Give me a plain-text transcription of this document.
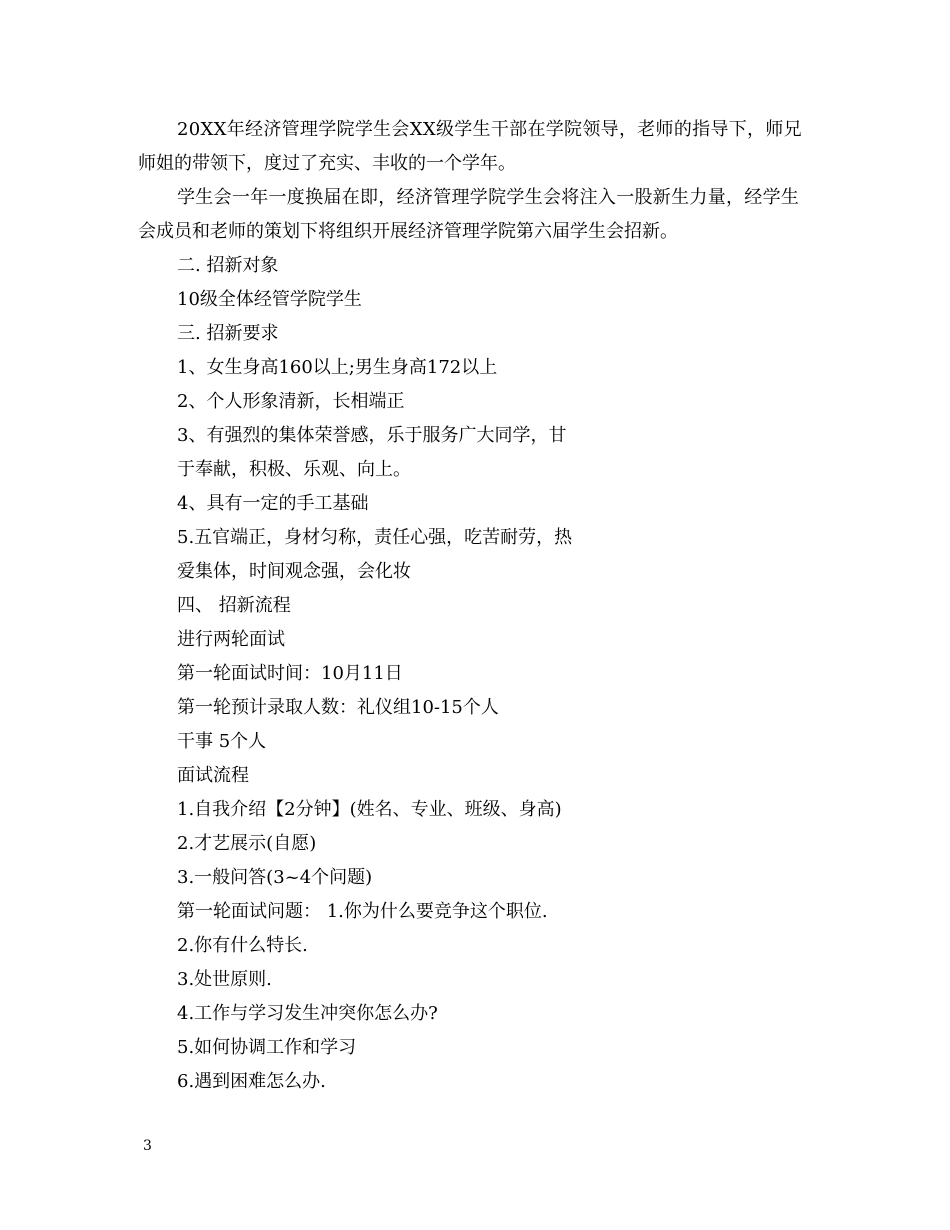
20XX年经济管理学院学生会XX级学生干部在学院领导，老师的指导下，师兄
师姐的带领下，度过了充实、丰收的一个学年。
学生会一年一度换届在即，经济管理学院学生会将注入一股新生力量，经学生
会成员和老师的策划下将组织开展经济管理学院第六届学生会招新。
二. 招新对象
10级全体经管学院学生
三. 招新要求
1、女生身高160以上;男生身高172以上
2、个人形象清新，长相端正
3、有强烈的集体荣誉感，乐于服务广大同学，甘
于奉献，积极、乐观、向上。
4、具有一定的手工基础
5.五官端正，身材匀称，责任心强，吃苦耐劳，热
爱集体，时间观念强，会化妆
四、 招新流程
进行两轮面试
第一轮面试时间：10月11日
第一轮预计录取人数：礼仪组10-15个人
干事 5个人
面试流程
1.自我介绍【2分钟】(姓名、专业、班级、身高)
2.才艺展示(自愿)
3.一般问答(3~4个问题)
第一轮面试问题： 1.你为什么要竞争这个职位.
2.你有什么特长.
3.处世原则.
4.工作与学习发生冲突你怎么办?
5.如何协调工作和学习
6.遇到困难怎么办.
3
